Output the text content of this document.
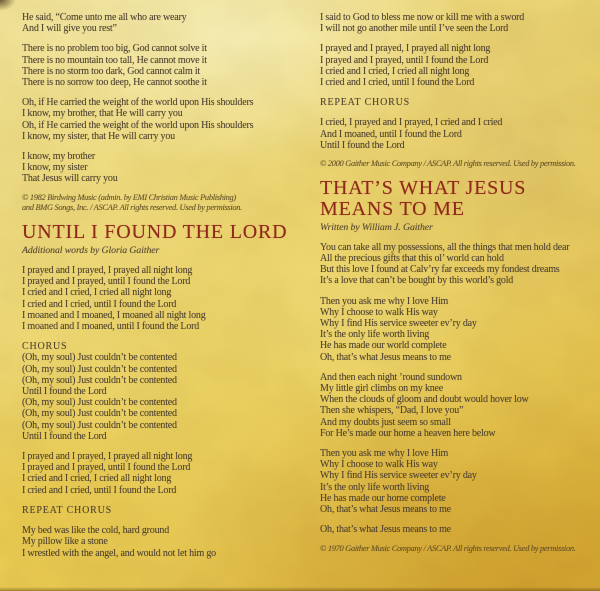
He said, “Come unto me all who are weary
And I will give you rest”
There is no problem too big, God cannot solve it
There is no mountain too tall, He cannot move it
There is no storm too dark, God cannot calm it
There is no sorrow too deep, He cannot soothe it
Oh, if He carried the weight of the world upon His shoulders
I know, my brother, that He will carry you
Oh, if He carried the weight of the world upon His shoulders
I know, my sister, that He will carry you
I know, my brother
I know, my sister
That Jesus will carry you
© 1982 Birdwing Music (admin. by EMI Christian Music Publishing)
and BMG Songs, Inc. / ASCAP. All rights reserved. Used by permission.
UNTIL I FOUND THE LORD
Additional words by Gloria Gaither
I prayed and I prayed, I prayed all night long
I prayed and I prayed, until I found the Lord
I cried and I cried, I cried all night long
I cried and I cried, until I found the Lord
I moaned and I moaned, I moaned all night long
I moaned and I moaned, until I found the Lord
CHORUS
(Oh, my soul) Just couldn’t be contented
(Oh, my soul) Just couldn’t be contented
(Oh, my soul) Just couldn’t be contented
Until I found the Lord
(Oh, my soul) Just couldn’t be contented
(Oh, my soul) Just couldn’t be contented
(Oh, my soul) Just couldn’t be contented
Until I found the Lord
I prayed and I prayed, I prayed all night long
I prayed and I prayed, until I found the Lord
I cried and I cried, I cried all night long
I cried and I cried, until I found the Lord
REPEAT CHORUS
My bed was like the cold, hard ground
My pillow like a stone
I wrestled with the angel, and would not let him go
I said to God to bless me now or kill me with a sword
I will not go another mile until I’ve seen the Lord
I prayed and I prayed, I prayed all night long
I prayed and I prayed, until I found the Lord
I cried and I cried, I cried all night long
I cried and I cried, until I found the Lord
REPEAT CHORUS
I cried, I prayed and I prayed, I cried and I cried
And I moaned, until I found the Lord
Until I found the Lord
© 2000 Gaither Music Company / ASCAP. All rights reserved. Used by permission.
THAT’S WHAT JESUS
MEANS TO ME
Written by William J. Gaither
You can take all my possessions, all the things that men hold dear
All the precious gifts that this ol’ world can hold
But this love I found at Calv’ry far exceeds my fondest dreams
It’s a love that can’t be bought by this world’s gold
Then you ask me why I love Him
Why I choose to walk His way
Why I find His service sweeter ev’ry day
It’s the only life worth living
He has made our world complete
Oh, that’s what Jesus means to me
And then each night ’round sundown
My little girl climbs on my knee
When the clouds of gloom and doubt would hover low
Then she whispers, “Dad, I love you”
And my doubts just seem so small
For He’s made our home a heaven here below
Then you ask me why I love Him
Why I choose to walk His way
Why I find His service sweeter ev’ry day
It’s the only life worth living
He has made our home complete
Oh, that’s what Jesus means to me
Oh, that’s what Jesus means to me
© 1970 Gaither Music Company / ASCAP. All rights reserved. Used by permission.
